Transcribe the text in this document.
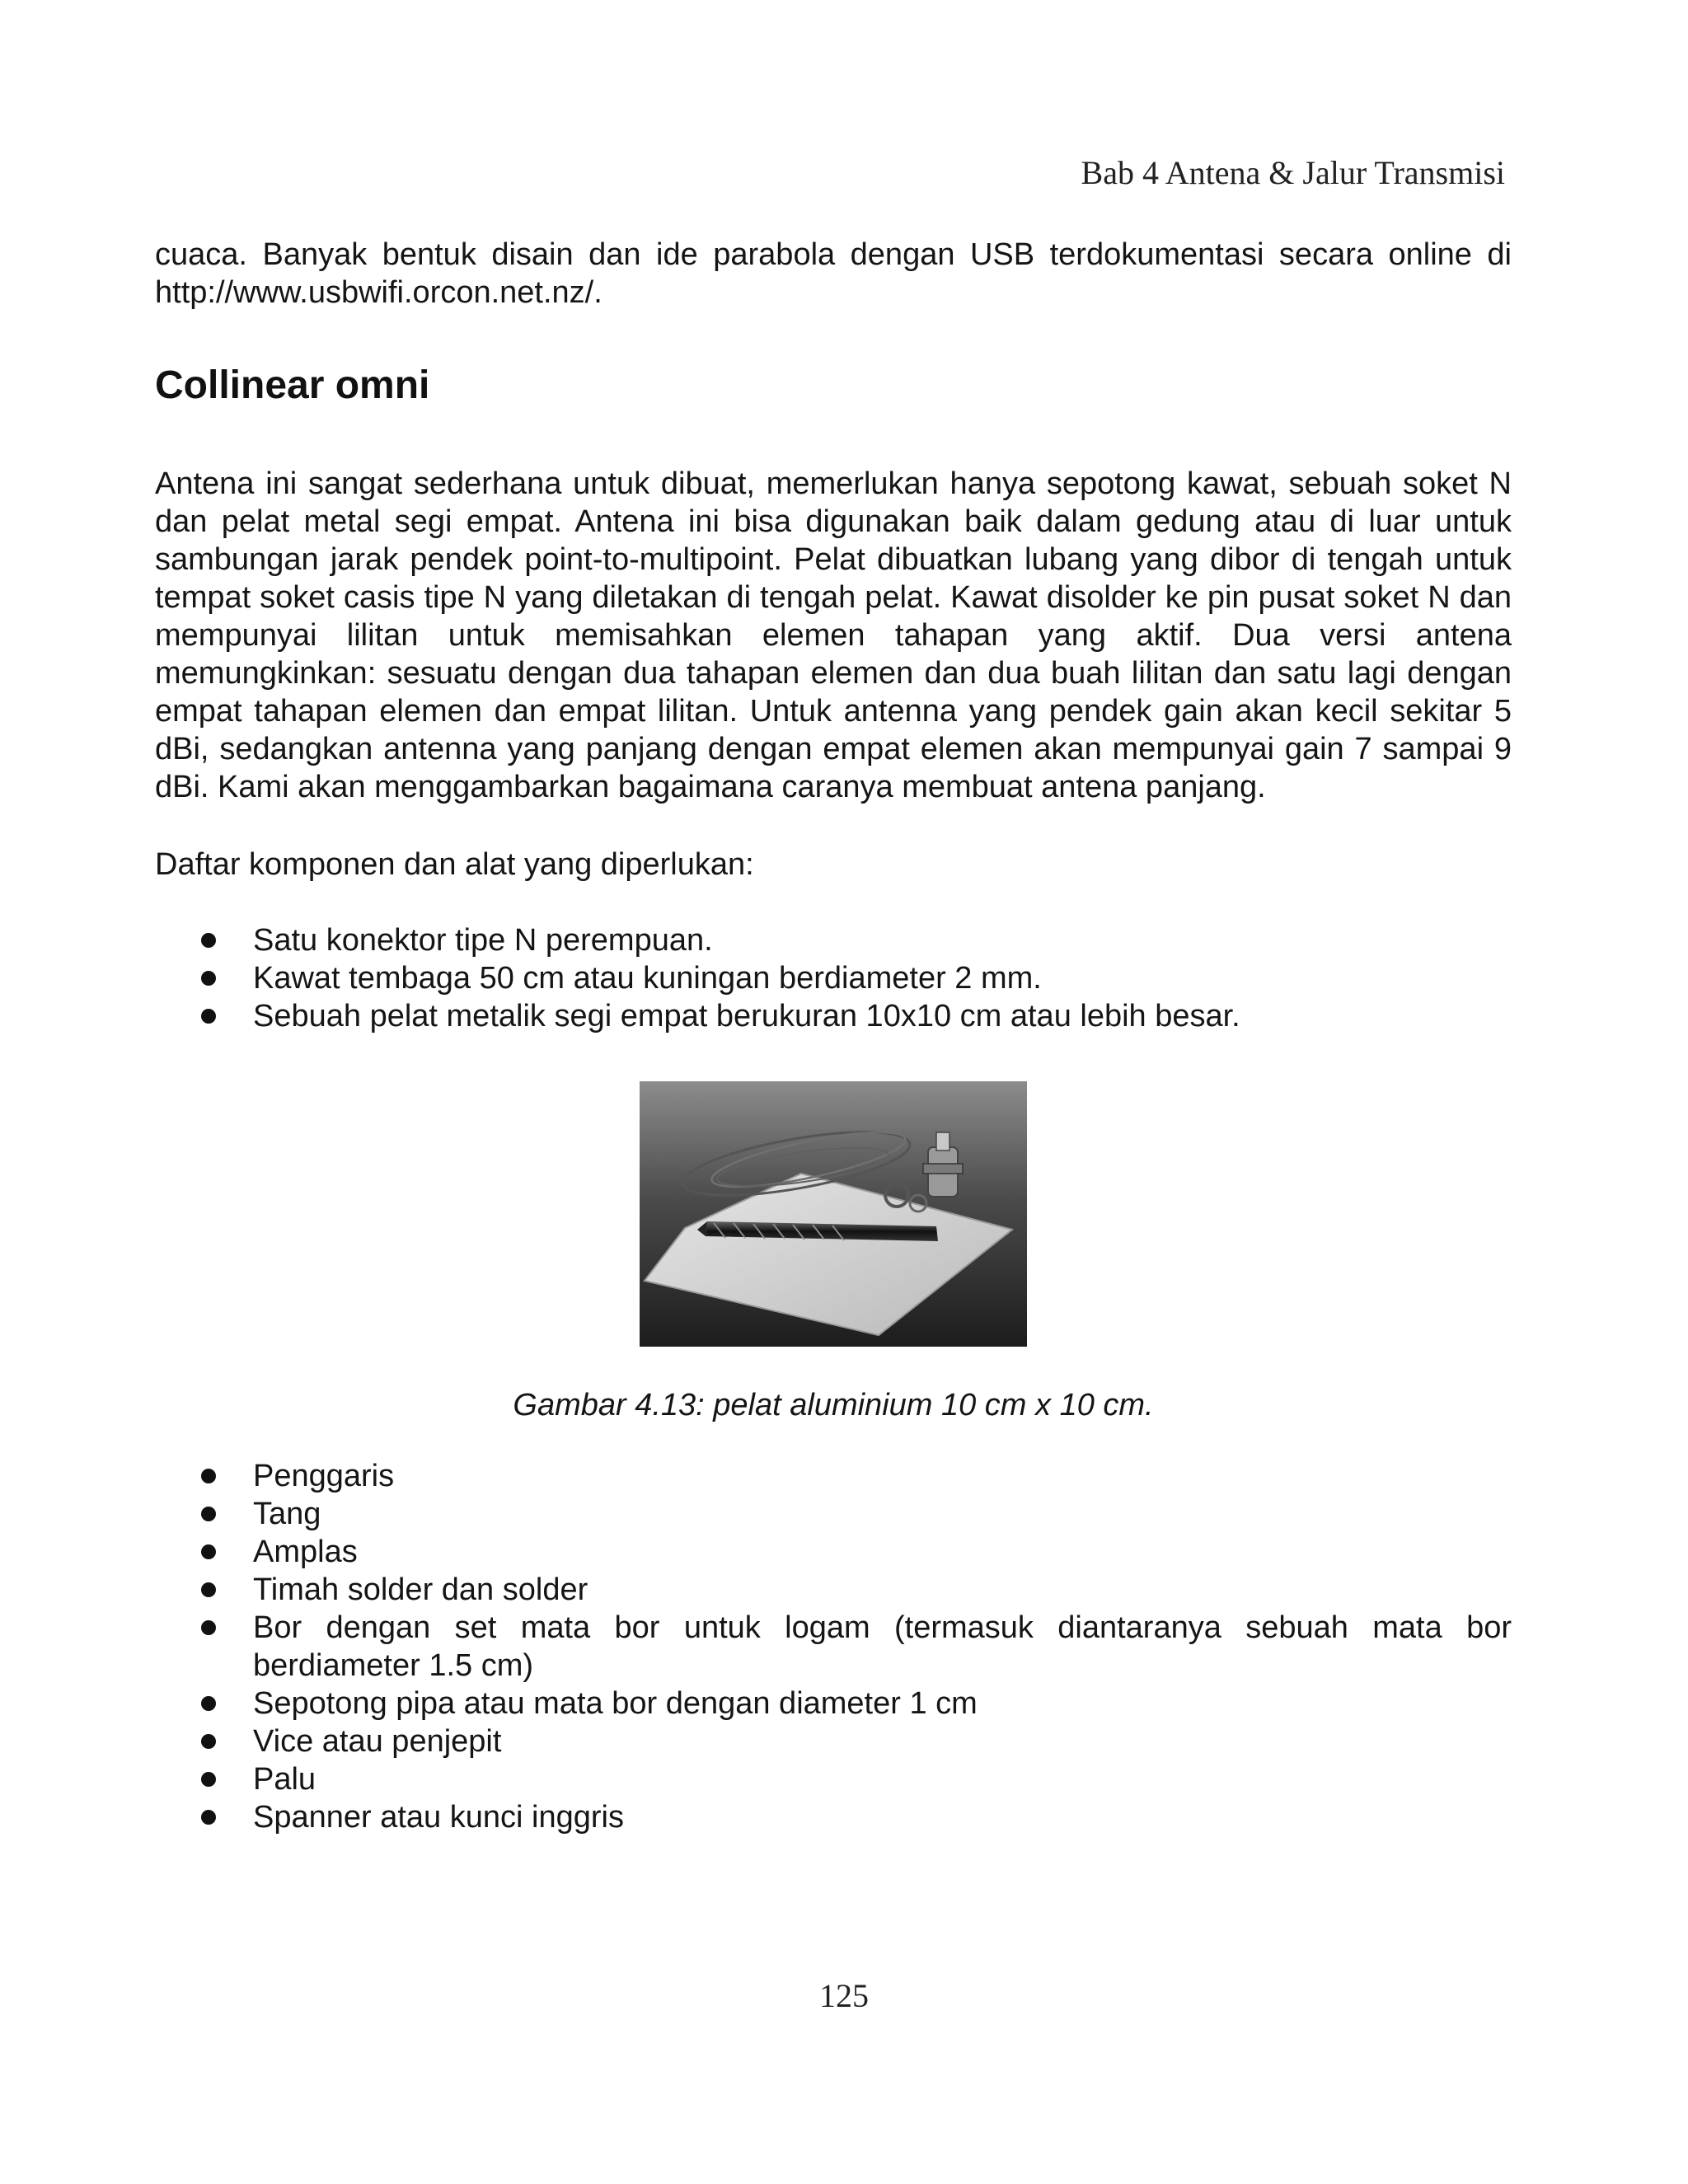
Bab 4 Antena & Jalur Transmisi

cuaca. Banyak bentuk disain dan ide parabola dengan USB terdokumentasi secara online di http://www.usbwifi.orcon.net.nz/.

Collinear omni

Antena ini sangat sederhana untuk dibuat, memerlukan hanya sepotong kawat, sebuah soket N dan pelat metal segi empat. Antena ini bisa digunakan baik dalam gedung atau di luar untuk sambungan jarak pendek point-to-multipoint. Pelat dibuatkan lubang yang dibor di tengah untuk tempat soket casis tipe N yang diletakan di tengah pelat. Kawat disolder ke pin pusat soket N dan mempunyai lilitan untuk memisahkan elemen tahapan yang aktif. Dua versi antena memungkinkan: sesuatu dengan dua tahapan elemen dan dua buah lilitan dan satu lagi dengan empat tahapan elemen dan empat lilitan. Untuk antenna yang pendek gain akan kecil sekitar 5 dBi, sedangkan antenna yang panjang dengan empat elemen akan mempunyai gain 7 sampai 9 dBi. Kami akan menggambarkan bagaimana caranya membuat antena panjang.

Daftar komponen dan alat yang diperlukan:

Satu konektor tipe N perempuan.
Kawat tembaga 50 cm atau kuningan berdiameter 2 mm.
Sebuah pelat metalik segi empat berukuran 10x10 cm atau lebih besar.
Gambar 4.13: pelat aluminium 10 cm x 10 cm.
Penggaris
Tang
Amplas
Timah solder dan solder
Bor dengan set mata bor untuk logam (termasuk diantaranya sebuah mata bor berdiameter 1.5 cm)
Sepotong pipa atau mata bor dengan diameter 1 cm
Vice atau penjepit
Palu
Spanner atau kunci inggris
125
